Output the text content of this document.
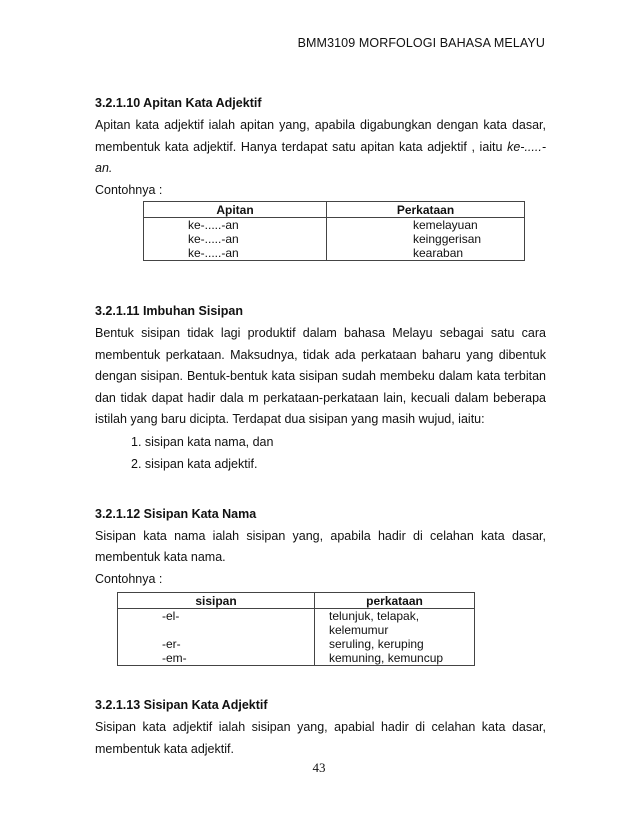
BMM3109 MORFOLOGI BAHASA MELAYU
3.2.1.10 Apitan Kata Adjektif

Apitan kata adjektif ialah apitan yang, apabila digabungkan dengan kata dasar, membentuk kata adjektif. Hanya terdapat satu apitan kata adjektif , iaitu ke-.....-an.

Contohnya :

Apitan	Perkataan
ke-.....-an	kemelayuan
ke-.....-an	keinggerisan
ke-.....-an	kearaban
3.2.1.11 Imbuhan Sisipan

Bentuk sisipan tidak lagi produktif dalam bahasa Melayu sebagai satu cara membentuk perkataan. Maksudnya, tidak ada perkataan baharu yang dibentuk dengan sisipan. Bentuk-bentuk kata sisipan sudah membeku dalam kata terbitan dan tidak dapat hadir dala m perkataan-perkataan lain, kecuali dalam beberapa istilah yang baru dicipta. Terdapat dua sisipan yang masih wujud, iaitu:

1. sisipan kata nama, dan
2. sisipan kata adjektif.
3.2.1.12 Sisipan Kata Nama

Sisipan kata nama ialah sisipan yang, apabila hadir di celahan kata dasar, membentuk kata nama.

Contohnya :

sisipan	perkataan
-el-	telunjuk, telapak, kelemumur
-er-	seruling, keruping
-em-	kemuning, kemuncup
3.2.1.13 Sisipan Kata Adjektif

Sisipan kata adjektif ialah sisipan yang, apabial hadir di celahan kata dasar, membentuk kata adjektif.

43
